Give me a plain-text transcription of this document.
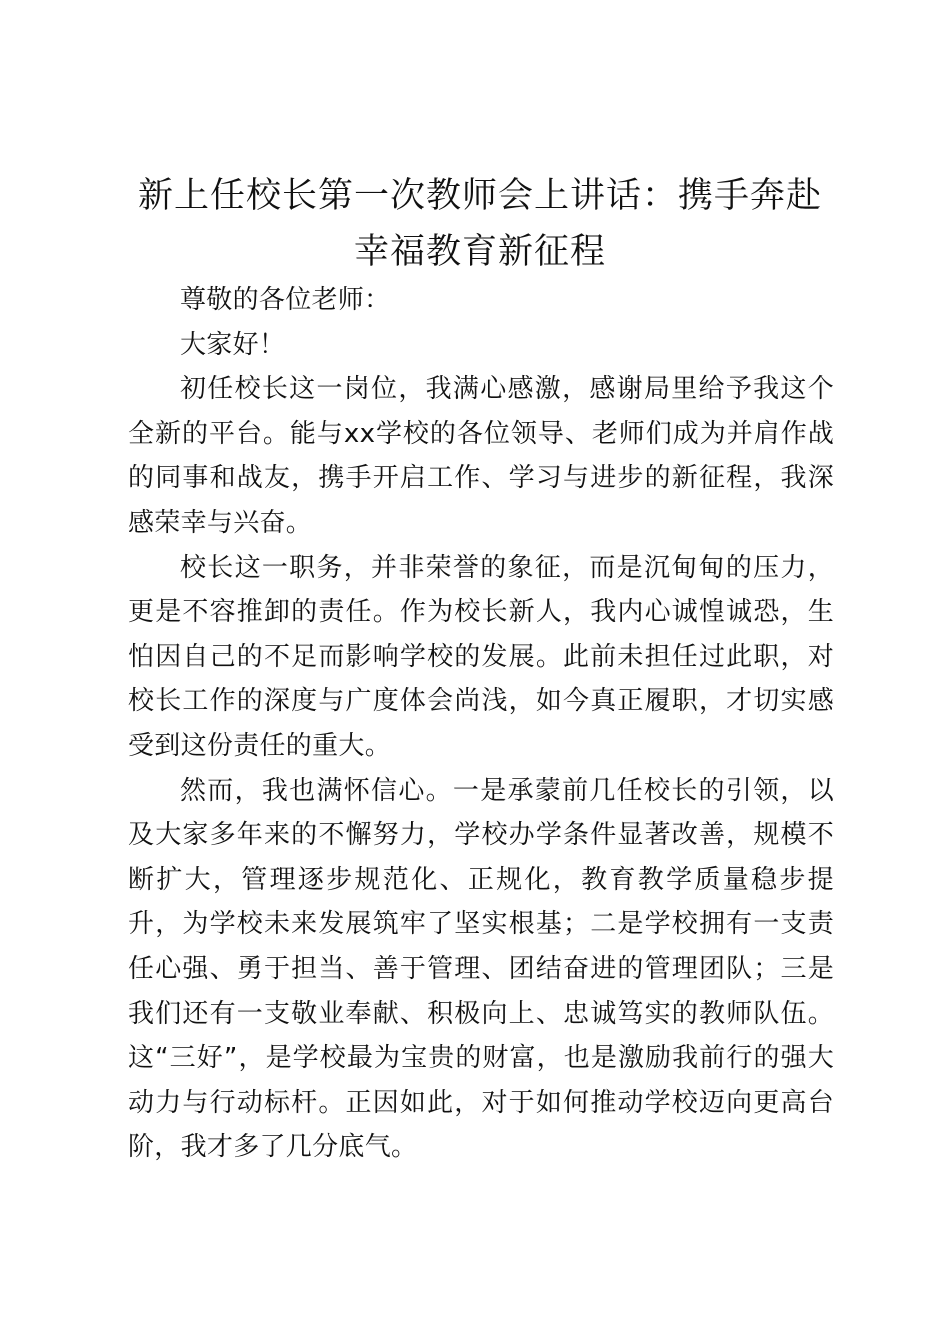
新上任校长第一次教师会上讲话：携手奔赴幸福教育新征程

尊敬的各位老师：

大家好！

初任校长这一岗位，我满心感激，感谢局里给予我这个全新的平台。能与xx学校的各位领导、老师们成为并肩作战的同事和战友，携手开启工作、学习与进步的新征程，我深感荣幸与兴奋。

校长这一职务，并非荣誉的象征，而是沉甸甸的压力，更是不容推卸的责任。作为校长新人，我内心诚惶诚恐，生怕因自己的不足而影响学校的发展。此前未担任过此职，对校长工作的深度与广度体会尚浅，如今真正履职，才切实感受到这份责任的重大。

然而，我也满怀信心。一是承蒙前几任校长的引领，以及大家多年来的不懈努力，学校办学条件显著改善，规模不断扩大，管理逐步规范化、正规化，教育教学质量稳步提升，为学校未来发展筑牢了坚实根基；二是学校拥有一支责任心强、勇于担当、善于管理、团结奋进的管理团队；三是我们还有一支敬业奉献、积极向上、忠诚笃实的教师队伍。这“三好”，是学校最为宝贵的财富，也是激励我前行的强大动力与行动标杆。正因如此，对于如何推动学校迈向更高台阶，我才多了几分底气。
